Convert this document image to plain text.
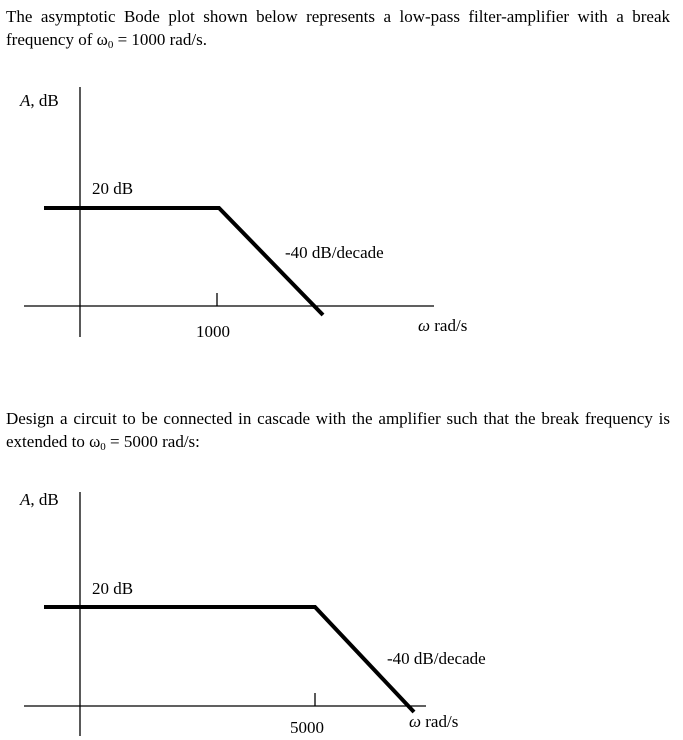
The asymptotic Bode plot shown below represents a low-pass filter-amplifier with a break frequency of $\omega_0 = 1000$ rad/s.
A, dB
20 dB
-40 dB/decade
1000	ω rad/s
Design a circuit to be connected in cascade with the amplifier such that the break frequency is extended to $\omega_0 = 5000$ rad/s:
A, dB
20 dB
-40 dB/decade
5000	ω rad/s
